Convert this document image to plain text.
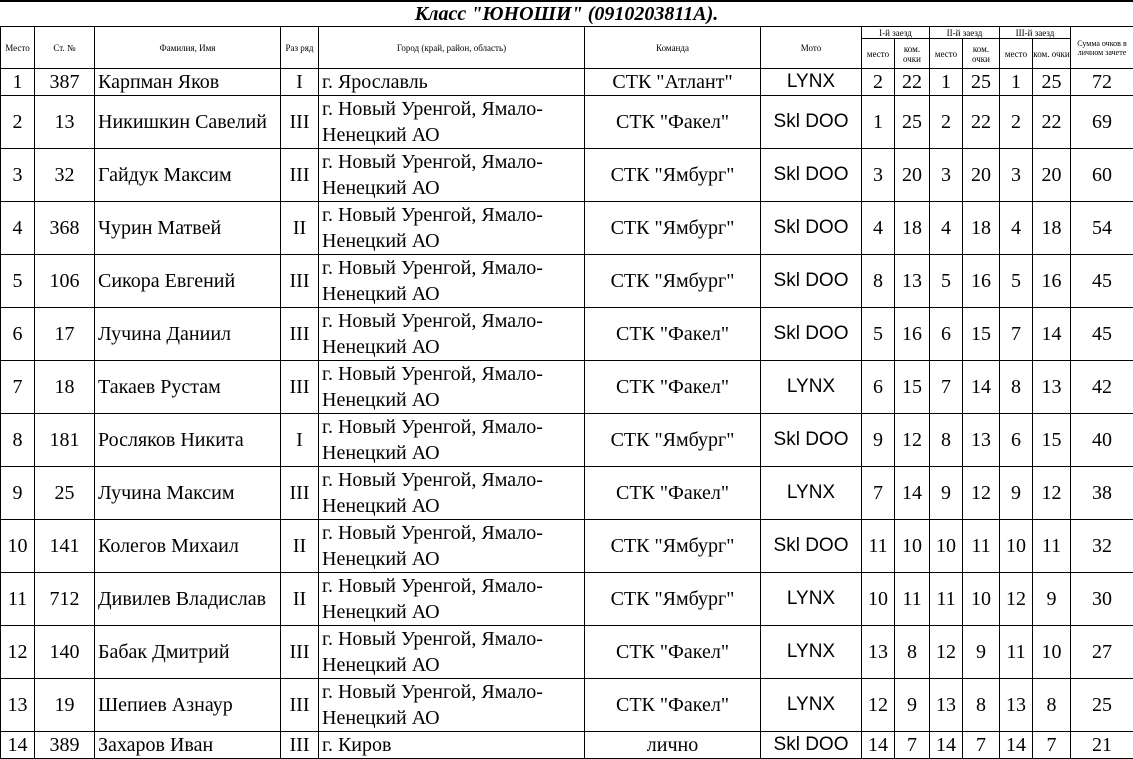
Класс "ЮНОШИ" (0910203811А).
Место	Ст. №	Фамилия, Имя	Раз ряд	Город (край, район, область)	Команда	Мото	I-й заезд		II-й заезд		III-й заезд		Сумма очков в личном зачете
							место	ком. очки	место	ком. очки	место	ком. очки	
1	387	Карпман Яков	I	г. Ярославль	СТК "Атлант"	LYNX	2	22	1	25	1	25	72
2	13	Никишкин Савелий	III	г. Новый Уренгой, Ямало-Ненецкий АО	СТК "Факел"	Skl DOO	1	25	2	22	2	22	69
3	32	Гайдук Максим	III	г. Новый Уренгой, Ямало-Ненецкий АО	СТК "Ямбург"	Skl DOO	3	20	3	20	3	20	60
4	368	Чурин Матвей	II	г. Новый Уренгой, Ямало-Ненецкий АО	СТК "Ямбург"	Skl DOO	4	18	4	18	4	18	54
5	106	Сикора Евгений	III	г. Новый Уренгой, Ямало-Ненецкий АО	СТК "Ямбург"	Skl DOO	8	13	5	16	5	16	45
6	17	Лучина Даниил	III	г. Новый Уренгой, Ямало-Ненецкий АО	СТК "Факел"	Skl DOO	5	16	6	15	7	14	45
7	18	Такаев Рустам	III	г. Новый Уренгой, Ямало-Ненецкий АО	СТК "Факел"	LYNX	6	15	7	14	8	13	42
8	181	Росляков Никита	I	г. Новый Уренгой, Ямало-Ненецкий АО	СТК "Ямбург"	Skl DOO	9	12	8	13	6	15	40
9	25	Лучина Максим	III	г. Новый Уренгой, Ямало-Ненецкий АО	СТК "Факел"	LYNX	7	14	9	12	9	12	38
10	141	Колегов Михаил	II	г. Новый Уренгой, Ямало-Ненецкий АО	СТК "Ямбург"	Skl DOO	11	10	10	11	10	11	32
11	712	Дивилев Владислав	II	г. Новый Уренгой, Ямало-Ненецкий АО	СТК "Ямбург"	LYNX	10	11	11	10	12	9	30
12	140	Бабак Дмитрий	III	г. Новый Уренгой, Ямало-Ненецкий АО	СТК "Факел"	LYNX	13	8	12	9	11	10	27
13	19	Шепиев Азнаур	III	г. Новый Уренгой, Ямало-Ненецкий АО	СТК "Факел"	LYNX	12	9	13	8	13	8	25
14	389	Захаров Иван	III	г. Киров	лично	Skl DOO	14	7	14	7	14	7	21
